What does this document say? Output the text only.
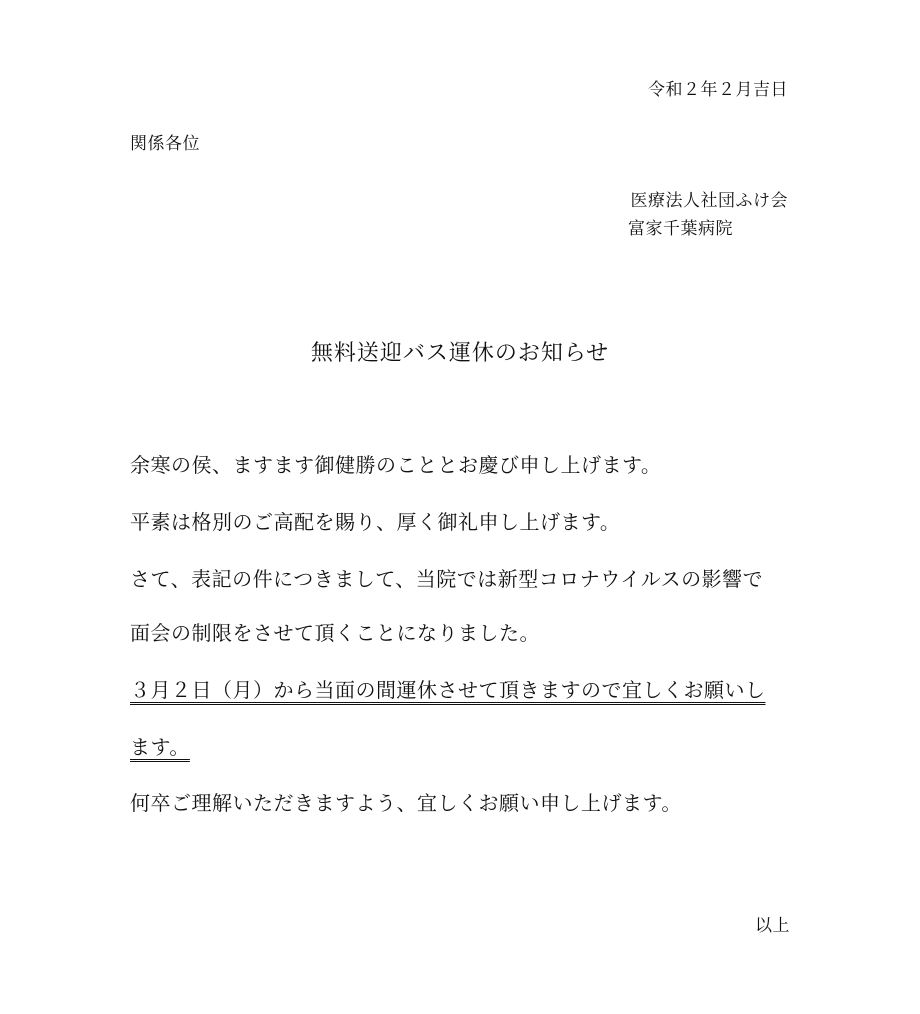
令和２年２月吉日
関係各位
医療法人社団ふけ会
富家千葉病院
無料送迎バス運休のお知らせ
余寒の侯、ますます御健勝のこととお慶び申し上げます。
平素は格別のご高配を賜り、厚く御礼申し上げます。
さて、表記の件につきまして、当院では新型コロナウイルスの影響で
面会の制限をさせて頂くことになりました。
３月２日（月）から当面の間運休させて頂きますので宜しくお願いし
ます。
何卒ご理解いただきますよう、宜しくお願い申し上げます。
以上
